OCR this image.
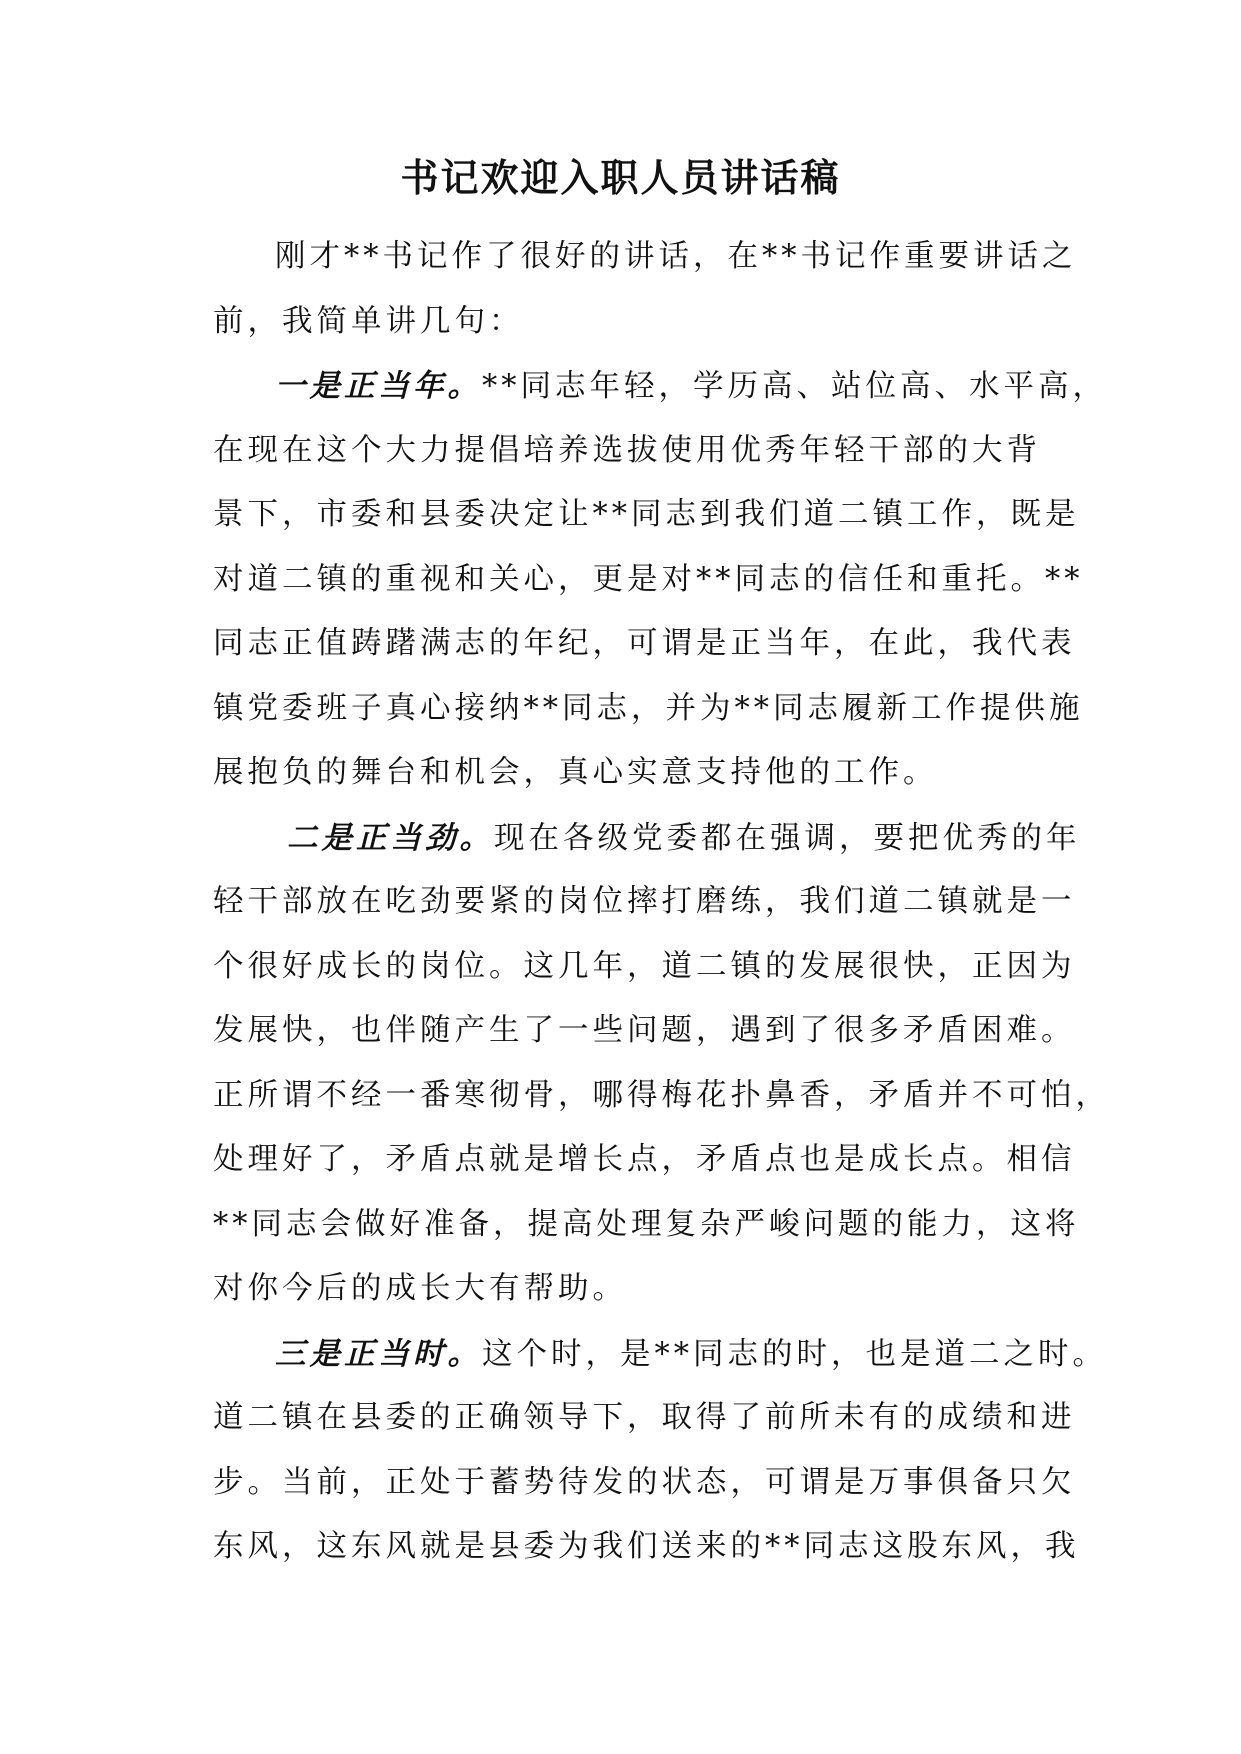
书记欢迎入职人员讲话稿
刚才**书记作了很好的讲话，在**书记作重要讲话之
前，我简单讲几句：
一是正当年。**同志年轻，学历高、站位高、水平高，
在现在这个大力提倡培养选拔使用优秀年轻干部的大背
景下，市委和县委决定让**同志到我们道二镇工作，既是
对道二镇的重视和关心，更是对**同志的信任和重托。**
同志正值踌躇满志的年纪，可谓是正当年，在此，我代表
镇党委班子真心接纳**同志，并为**同志履新工作提供施
展抱负的舞台和机会，真心实意支持他的工作。
二是正当劲。现在各级党委都在强调，要把优秀的年
轻干部放在吃劲要紧的岗位摔打磨练，我们道二镇就是一
个很好成长的岗位。这几年，道二镇的发展很快，正因为
发展快，也伴随产生了一些问题，遇到了很多矛盾困难。
正所谓不经一番寒彻骨，哪得梅花扑鼻香，矛盾并不可怕，
处理好了，矛盾点就是增长点，矛盾点也是成长点。相信
**同志会做好准备，提高处理复杂严峻问题的能力，这将
对你今后的成长大有帮助。
三是正当时。这个时，是**同志的时，也是道二之时。
道二镇在县委的正确领导下，取得了前所未有的成绩和进
步。当前，正处于蓄势待发的状态，可谓是万事俱备只欠
东风，这东风就是县委为我们送来的**同志这股东风，我
